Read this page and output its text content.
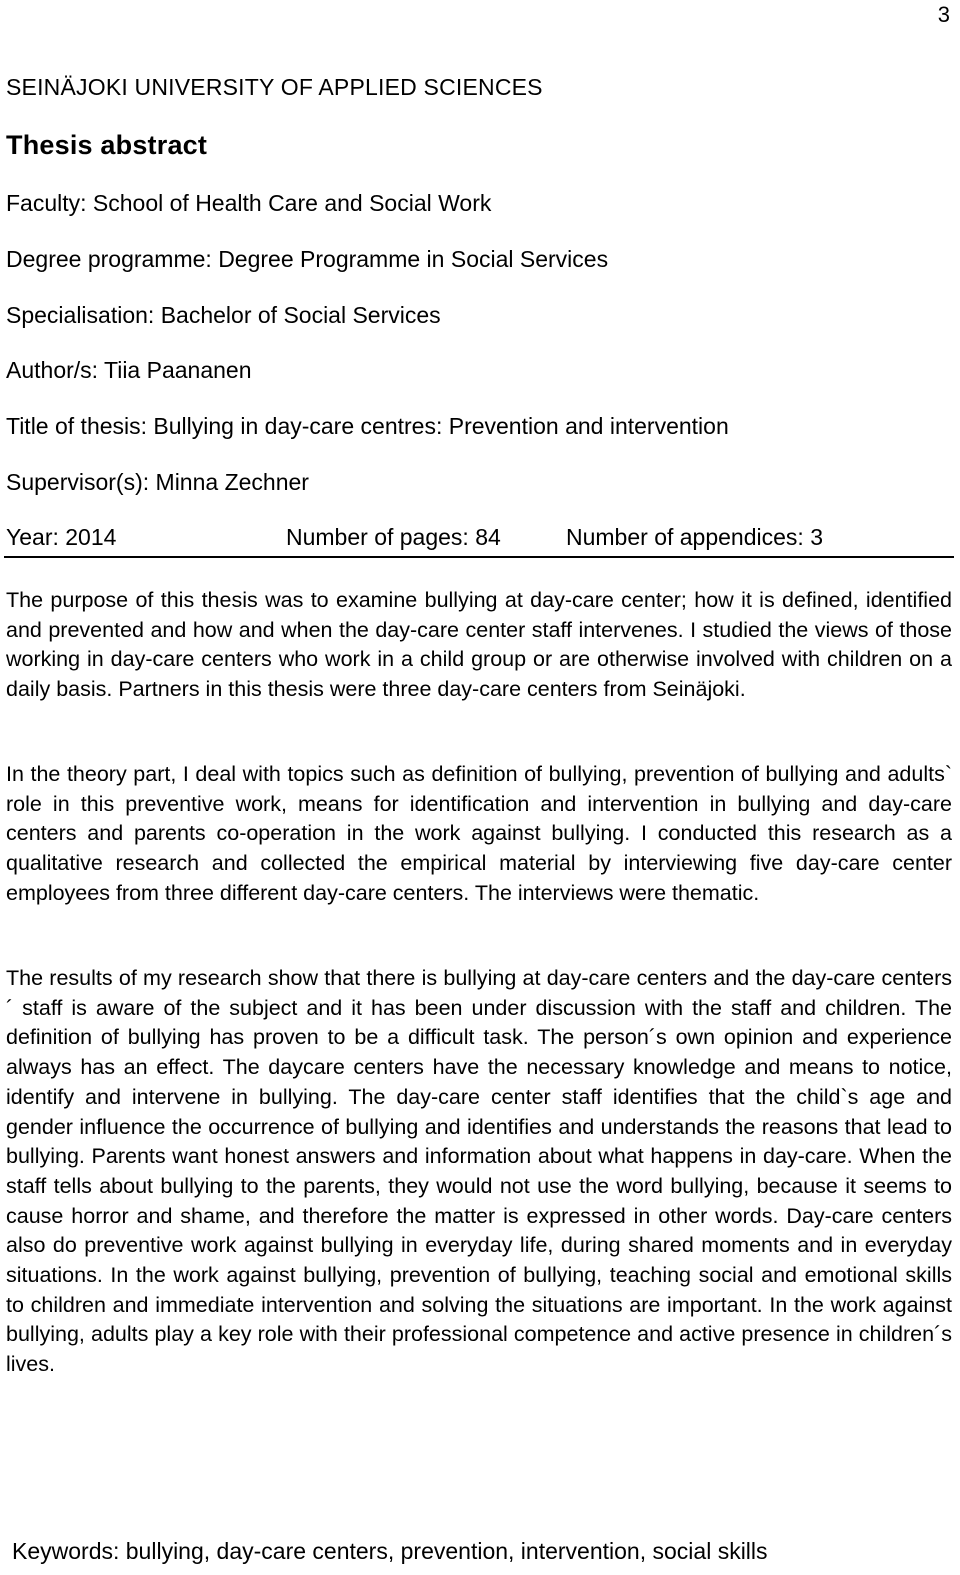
3
SEINÄJOKI UNIVERSITY OF APPLIED SCIENCES
Thesis abstract
Faculty: School of Health Care and Social Work
Degree programme: Degree Programme in Social Services
Specialisation: Bachelor of Social Services
Author/s: Tiia Paananen
Title of thesis: Bullying in day-care centres: Prevention and intervention
Supervisor(s): Minna Zechner
Year: 2014	Number of pages: 84	Number of appendices: 3

The purpose of this thesis was to examine bullying at day-care center; how it is defined, identified and prevented and how and when the day-care center staff intervenes. I studied the views of those working in day-care centers who work in a child group or are otherwise involved with children on a daily basis. Partners in this thesis were three day-care centers from Seinäjoki.

In the theory part, I deal with topics such as definition of bullying, prevention of bullying and adults` role in this preventive work, means for identification and intervention in bullying and day-care centers and parents co-operation in the work against bullying. I conducted this research as a qualitative research and collected the empirical material by interviewing five day-care center employees from three different day-care centers. The interviews were thematic.

The results of my research show that there is bullying at day-care centers and the day-care centers´ staff is aware of the subject and it has been under discussion with the staff and children. The definition of bullying has proven to be a difficult task. The person´s own opinion and experience always has an effect. The daycare centers have the necessary knowledge and means to notice, identify and intervene in bullying. The day-care center staff identifies that the child`s age and gender influence the occurrence of bullying and identifies and understands the reasons that lead to bullying. Parents want honest answers and information about what happens in day-care. When the staff tells about bullying to the parents, they would not use the word bullying, because it seems to cause horror and shame, and therefore the matter is expressed in other words. Day-care centers also do preventive work against bullying in everyday life, during shared moments and in everyday situations. In the work against bullying, prevention of bullying, teaching social and emotional skills to children and immediate intervention and solving the situations are important. In the work against bullying, adults play a key role with their professional competence and active presence in children´s lives.

Keywords: bullying, day-care centers, prevention, intervention, social skills
